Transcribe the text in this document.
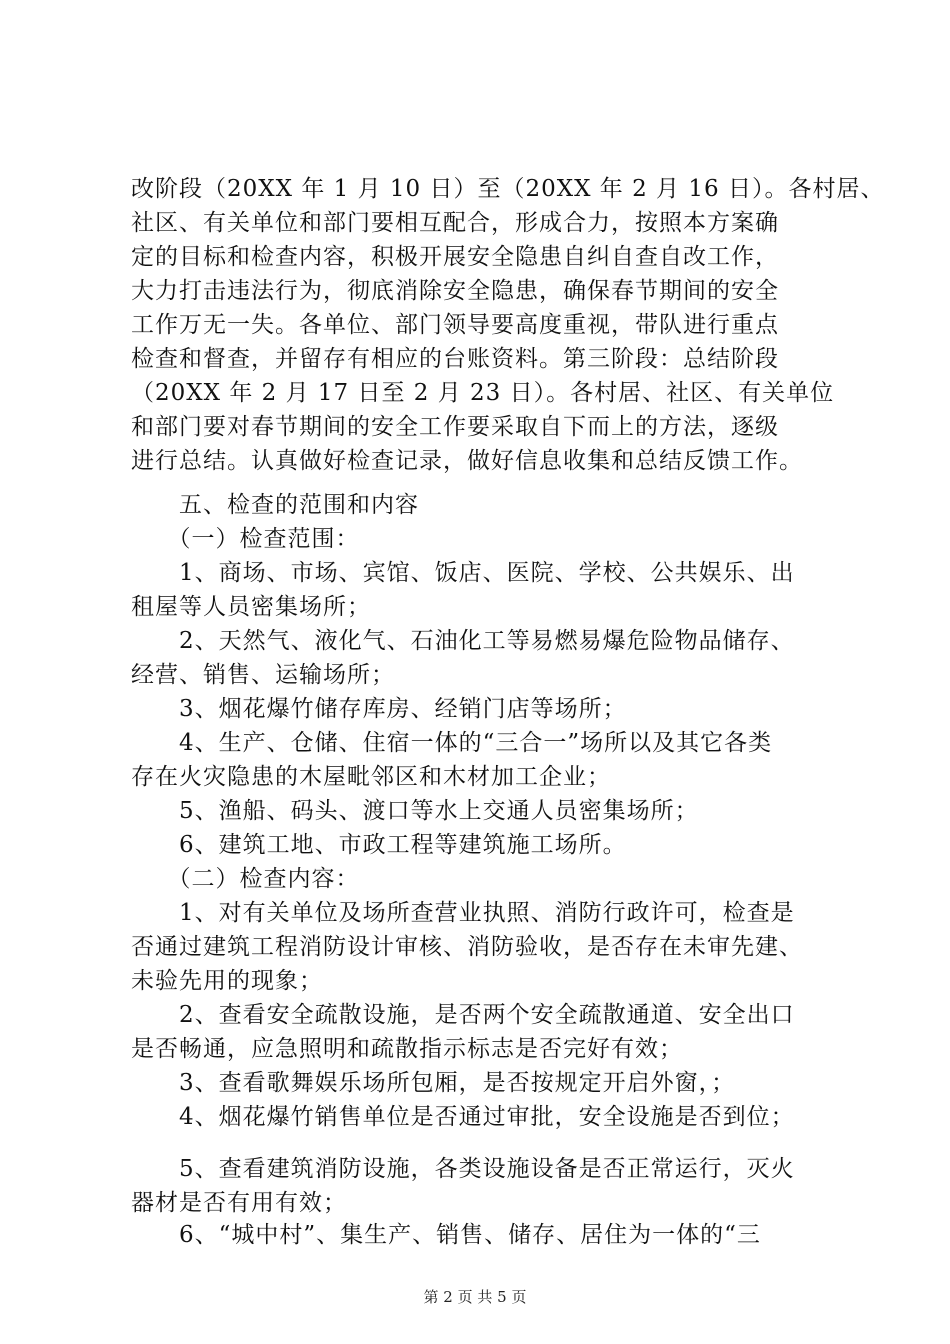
改阶段（20XX 年 1 月 10 日）至（20XX 年 2 月 16 日）。各村居、
社区、有关单位和部门要相互配合，形成合力，按照本方案确
定的目标和检查内容，积极开展安全隐患自纠自查自改工作，
大力打击违法行为，彻底消除安全隐患，确保春节期间的安全
工作万无一失。各单位、部门领导要高度重视，带队进行重点
检查和督查，并留存有相应的台账资料。第三阶段：总结阶段
（20XX 年 2 月 17 日至 2 月 23 日）。各村居、社区、有关单位
和部门要对春节期间的安全工作要采取自下而上的方法，逐级
进行总结。认真做好检查记录，做好信息收集和总结反馈工作。
　　五、检查的范围和内容
　　（一）检查范围：
　　1、商场、市场、宾馆、饭店、医院、学校、公共娱乐、出
租屋等人员密集场所；
　　2、天然气、液化气、石油化工等易燃易爆危险物品储存、
经营、销售、运输场所；
　　3、烟花爆竹储存库房、经销门店等场所；
　　4、生产、仓储、住宿一体的“三合一”场所以及其它各类
存在火灾隐患的木屋毗邻区和木材加工企业；
　　5、渔船、码头、渡口等水上交通人员密集场所；
　　6、建筑工地、市政工程等建筑施工场所。
　　（二）检查内容：
　　1、对有关单位及场所查营业执照、消防行政许可，检查是
否通过建筑工程消防设计审核、消防验收，是否存在未审先建、
未验先用的现象；
　　2、查看安全疏散设施，是否两个安全疏散通道、安全出口
是否畅通，应急照明和疏散指示标志是否完好有效；
　　3、查看歌舞娱乐场所包厢，是否按规定开启外窗，；
　　4、烟花爆竹销售单位是否通过审批，安全设施是否到位；
　　5、查看建筑消防设施，各类设施设备是否正常运行，灭火
器材是否有用有效；
　　6、“城中村”、集生产、销售、储存、居住为一体的“三
第 2 页 共 5 页
